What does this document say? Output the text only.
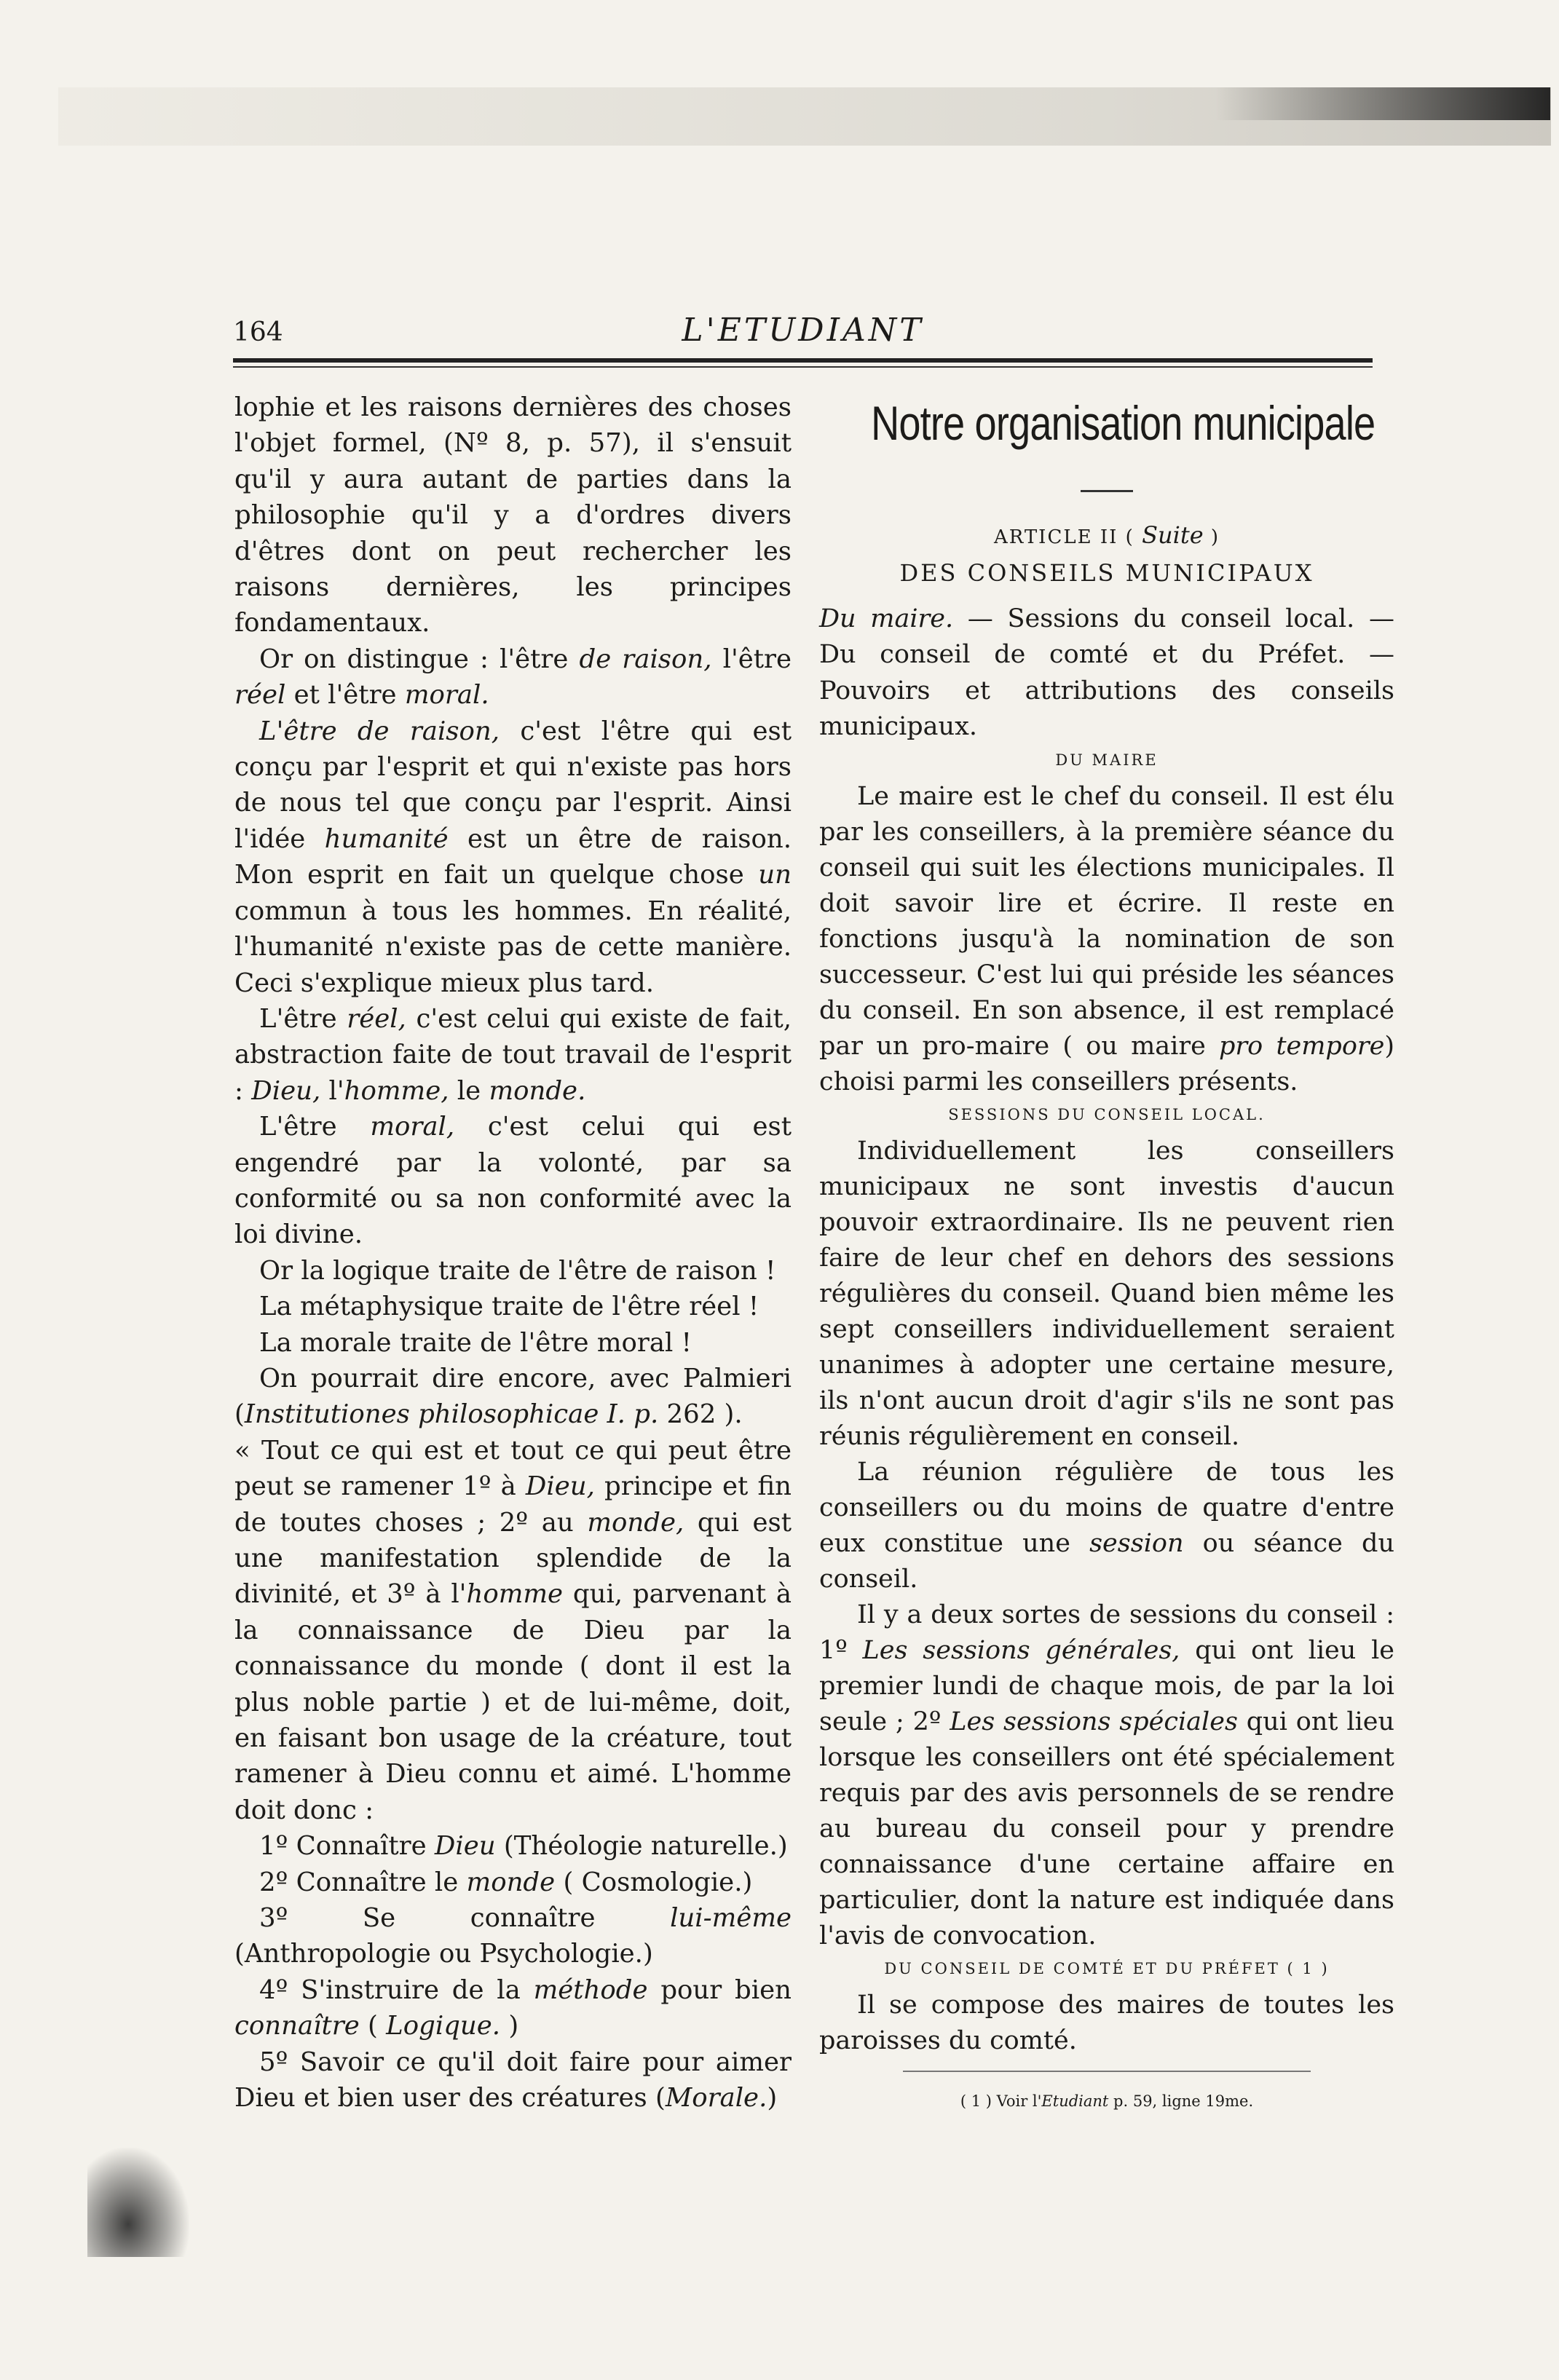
164	L'ETUDIANT

lophie et les raisons dernières des choses l'objet formel, (Nº 8, p. 57), il s'ensuit qu'il y aura autant de parties dans la philosophie qu'il y a d'ordres divers d'êtres dont on peut rechercher les raisons dernières, les principes fondamentaux.

Or on distingue : l'être de raison, l'être réel et l'être moral.

L'être de raison, c'est l'être qui est conçu par l'esprit et qui n'existe pas hors de nous tel que conçu par l'esprit. Ainsi l'idée humanité est un être de raison. Mon esprit en fait un quelque chose un commun à tous les hommes. En réalité, l'humanité n'existe pas de cette manière. Ceci s'explique mieux plus tard.

L'être réel, c'est celui qui existe de fait, abstraction faite de tout travail de l'esprit : Dieu, l'homme, le monde.

L'être moral, c'est celui qui est engendré par la volonté, par sa conformité ou sa non conformité avec la loi divine.

Or la logique traite de l'être de raison !

La métaphysique traite de l'être réel !

La morale traite de l'être moral !

On pourrait dire encore, avec Palmieri (Institutiones philosophicae I. p. 262 ).

« Tout ce qui est et tout ce qui peut être peut se ramener 1º à Dieu, principe et fin de toutes choses ; 2º au monde, qui est une manifestation splendide de la divinité, et 3º à l'homme qui, parvenant à la connaissance de Dieu par la connaissance du monde ( dont il est la plus noble partie ) et de lui-même, doit, en faisant bon usage de la créature, tout ramener à Dieu connu et aimé. L'homme doit donc :

1º Connaître Dieu (Théologie naturelle.)

2º Connaître le monde ( Cosmologie.)

3º Se connaître lui-même (Anthropologie ou Psychologie.)

4º S'instruire de la méthode pour bien connaître ( Logique. )

5º Savoir ce qu'il doit faire pour aimer Dieu et bien user des créatures (Morale.)

Notre organisation municipale
ARTICLE II ( Suite )
DES CONSEILS MUNICIPAUX

Du maire. — Sessions du conseil local. — Du conseil de comté et du Préfet. — Pouvoirs et attributions des conseils municipaux.

DU MAIRE

Le maire est le chef du conseil. Il est élu par les conseillers, à la première séance du conseil qui suit les élections municipales. Il doit savoir lire et écrire. Il reste en fonctions jusqu'à la nomination de son successeur. C'est lui qui préside les séances du conseil. En son absence, il est remplacé par un pro-maire ( ou maire pro tempore) choisi parmi les conseillers présents.

SESSIONS DU CONSEIL LOCAL.

Individuellement les conseillers municipaux ne sont investis d'aucun pouvoir extraordinaire. Ils ne peuvent rien faire de leur chef en dehors des sessions régulières du conseil. Quand bien même les sept conseillers individuellement seraient unanimes à adopter une certaine mesure, ils n'ont aucun droit d'agir s'ils ne sont pas réunis régulièrement en conseil.

La réunion régulière de tous les conseillers ou du moins de quatre d'entre eux constitue une session ou séance du conseil.

Il y a deux sortes de sessions du conseil : 1º Les sessions générales, qui ont lieu le premier lundi de chaque mois, de par la loi seule ; 2º Les sessions spéciales qui ont lieu lorsque les conseillers ont été spécialement requis par des avis personnels de se rendre au bureau du conseil pour y prendre connaissance d'une certaine affaire en particulier, dont la nature est indiquée dans l'avis de convocation.

DU CONSEIL DE COMTÉ ET DU PRÉFET ( 1 )

Il se compose des maires de toutes les paroisses du comté.

( 1 ) Voir l'Etudiant p. 59, ligne 19me.
